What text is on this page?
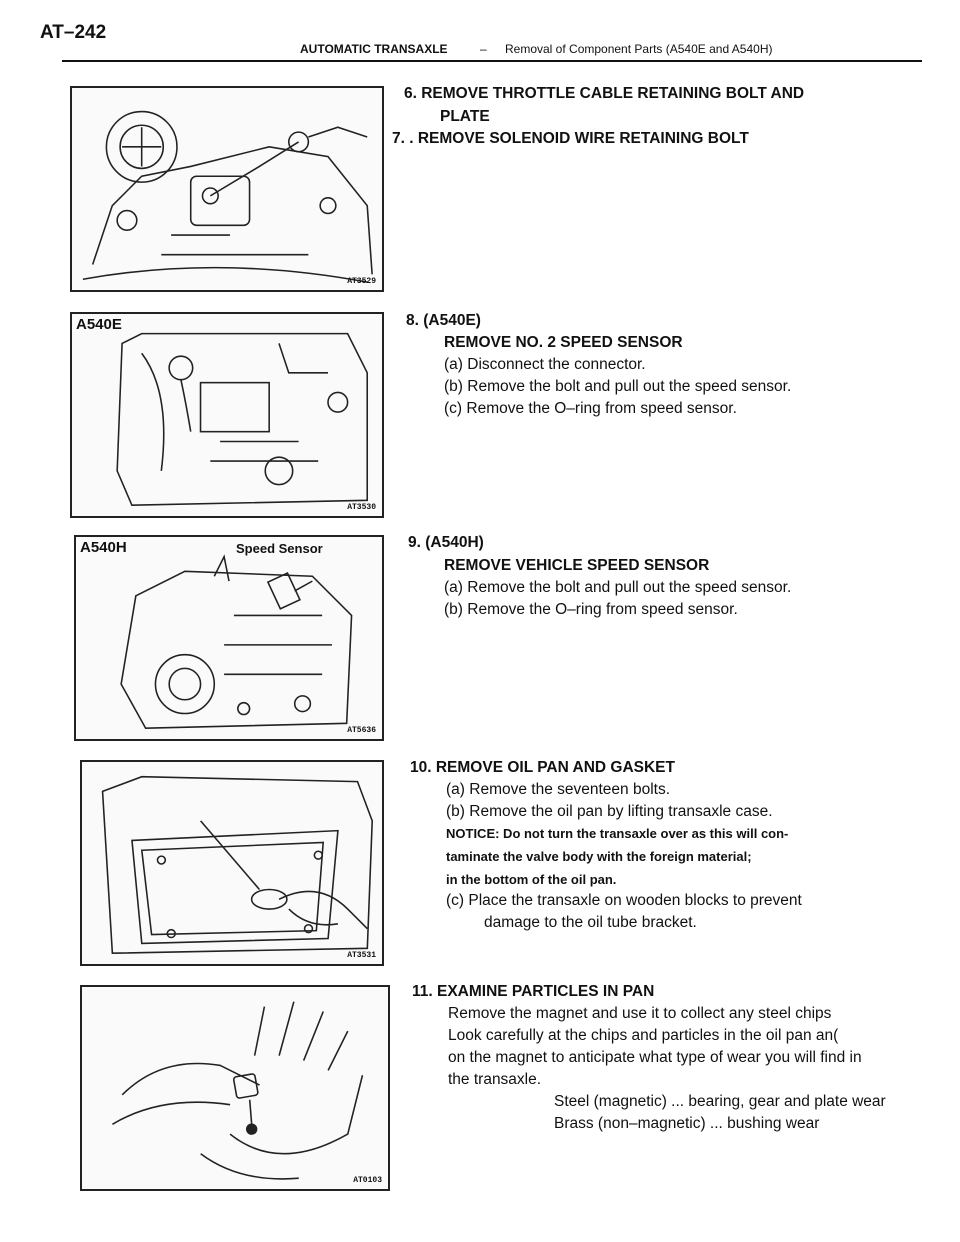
AT–242
AUTOMATIC TRANSAXLE	– Removal of Component Parts (A540E and A540H)
AT3529
A540E
AT3530
A540H	Speed Sensor
AT5636
AT3531
AT0103
6. REMOVE THROTTLE CABLE RETAINING BOLT AND
PLATE
7. . REMOVE SOLENOID WIRE RETAINING BOLT
8. (A540E)
REMOVE NO. 2 SPEED SENSOR
(a) Disconnect the connector.
(b) Remove the bolt and pull out the speed sensor.
(c) Remove the O–ring from speed sensor.
9. (A540H)
REMOVE VEHICLE SPEED SENSOR
(a) Remove the bolt and pull out the speed sensor.
(b) Remove the O–ring from speed sensor.
10. REMOVE OIL PAN AND GASKET
(a) Remove the seventeen bolts.
(b) Remove the oil pan by lifting transaxle case.
NOTICE: Do not turn the transaxle over as this will con-
taminate the valve body with the foreign material;
in the bottom of the oil pan.
(c) Place the transaxle on wooden blocks to prevent
damage to the oil tube bracket.
11. EXAMINE PARTICLES IN PAN
Remove the magnet and use it to collect any steel chips
Look carefully at the chips and particles in the oil pan an(
on the magnet to anticipate what type of wear you will find in
the transaxle.
Steel (magnetic) ... bearing, gear and plate wear
Brass (non–magnetic) ... bushing wear
